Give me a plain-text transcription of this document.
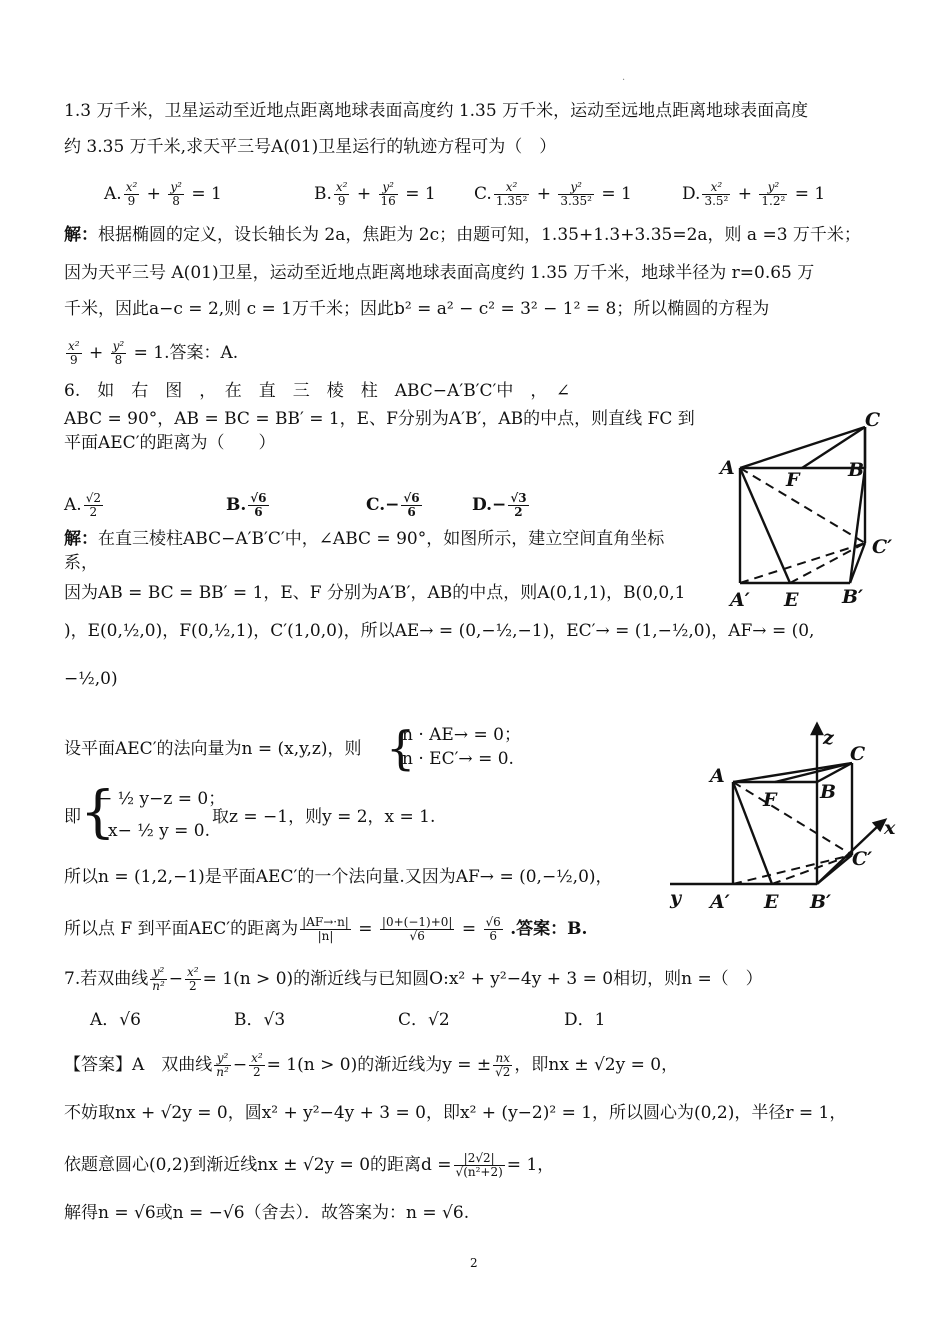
·
1.3 万千米，卫星运动至近地点距离地球表面高度约 1.35 万千米，运动至远地点距离地球表面高度
约 3.35 万千米,求天平三号A(01)卫星运行的轨迹方程可为（　）
A. $\frac{\text{x²}}{9} + \frac{\text{y²}}{8} = 1$	B. $\frac{\text{x²}}{9} + \frac{\text{y²}}{16} = 1$ C. $\frac{\text{x²}}{\text{1.35²}} + \frac{\text{y²}}{\text{3.35²}} = 1$	D. $\frac{\text{x²}}{\text{3.5²}} + \frac{\text{y²}}{\text{1.2²}} = 1$
解：根据椭圆的定义，设长轴长为 2a，焦距为 2c；由题可知，1.35+1.3+3.35=2a，则 a =3 万千米；
因为天平三号 A(01)卫星，运动至近地点距离地球表面高度约 1.35 万千米，地球半径为 r=0.65 万
千米，因此a−c = 2,则 c = 1万千米；因此b² = a² − c² = 3² − 1² = 8；所以椭圆的方程为
$\frac{\text{x²}}{9} + \frac{\text{y²}}{8} = 1$.答案：A.
6.　如　右　图　，　在　直　三　棱　柱　ABC−A′B′C′中　，　∠
ABC = 90°，AB = BC = BB′ = 1，E、F分别为A′B′，AB的中点，则直线 FC 到
平面AEC′的距离为（　　）
A. $\frac{√2}{2}$	B. $\frac{√6}{6}$	$C.- \frac{√6}{6}$	$D.- \frac{√3}{2}$
解：在直三棱柱ABC−A′B′C′中，∠ABC = 90°，如图所示，建立空间直角坐标
系，
因为AB = BC = BB′ = 1，E、F 分别为A′B′，AB的中点，则A(0,1,1)，B(0,0,1
)，E(0,½,0)，F(0,½,1)，C′(1,0,0)，所以AE→ = (0,−½,−1)，EC′→ = (1,−½,0)，AF→ = (0,
−½,0)
设平面AEC′的法向量为n = (x,y,z)，则 {
n · AE→ = 0；
n · EC′→ = 0.
即 {
− ½ y−z = 0；
x− ½ y = 0.
取z = −1，则y = 2，x = 1.
所以n = (1,2,−1)是平面AEC′的一个法向量.又因为AF→ = (0,−½,0)，
所以点 F 到平面AEC′的距离为 $\frac{|AF\to\cdot n|}{|n|} = \frac{|0+(-1)+0|}{√6} = \frac{√6}{6}$ .答案：B.
A	B
C
F
A′ E B′
C′
z
x
y
A
B
C
F
A′ E B′
C′
7.若双曲线 $\frac{\text{y²}}{\text{n²}} - \frac{\text{x²}}{2} = 1(n > 0)$的渐近线与已知圆O:x² + y²−4y + 3 = 0相切，则n =（　）
A．√6	B．√3	C．√2	D．1
【答案】A　双曲线 $\frac{\text{y²}}{\text{n²}} - \frac{\text{x²}}{2} = 1(n > 0)$的渐近线为y = ± $\frac{nx}{√2}$ ，即nx ± √2y = 0，
不妨取nx + √2y = 0，圆x² + y²−4y + 3 = 0，即x² + (y−2)² = 1，所以圆心为(0,2)，半径r = 1，
依题意圆心(0,2)到渐近线nx ± √2y = 0的距离$d = \frac{|2√2|}{\text{√(n²+2)}} = 1$，
解得n = √6或n = −√6（舍去）．故答案为：n = √6.
2
